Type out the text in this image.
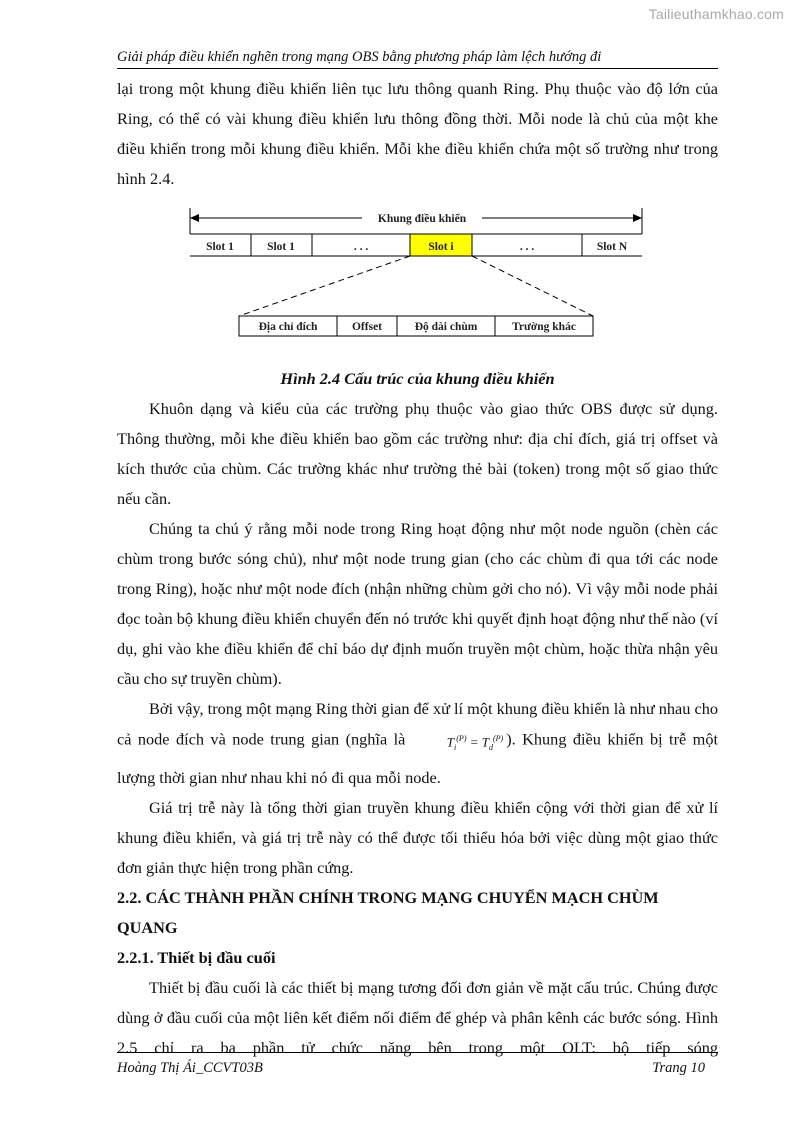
Tailieuthamkhao.com
Giải pháp điều khiển nghẽn trong mạng OBS bằng phương pháp làm lệch hướng đi

lại trong một khung điều khiển liên tục lưu thông quanh Ring. Phụ thuộc vào độ lớn của Ring, có thể có vài khung điều khiển lưu thông đồng thời. Mỗi node là chủ của một khe điều khiển trong mỗi khung điều khiển. Mỗi khe điều khiển chứa một số trường như trong hình 2.4.

Khung điều khiển
Slot 1	Slot 1	. . .	Slot i	. . .	Slot N
Địa chỉ đích	Offset	Độ dài chùm	Trường khác

Hình 2.4 Cấu trúc của khung điều khiển

Khuôn dạng và kiểu của các trường phụ thuộc vào giao thức OBS được sử dụng. Thông thường, mỗi khe điều khiển bao gồm các trường như: địa chỉ đích, giá trị offset và kích thước của chùm. Các trường khác như trường thẻ bài (token) trong một số giao thức nếu cần.

Chúng ta chú ý rằng mỗi node trong Ring hoạt động như một node nguồn (chèn các chùm trong bước sóng chủ), như một node trung gian (cho các chùm đi qua tới các node trong Ring), hoặc như một node đích (nhận những chùm gởi cho nó). Vì vậy mỗi node phải đọc toàn bộ khung điều khiển chuyển đến nó trước khi quyết định hoạt động như thế nào (ví dụ, ghi vào khe điều khiển để chỉ báo dự định muốn truyền một chùm, hoặc thừa nhận yêu cầu cho sự truyền chùm).

Bởi vậy, trong một mạng Ring thời gian để xử lí một khung điều khiển là như nhau cho cả node đích và node trung gian (nghĩa là	$T_i^{(P)} = T_d^{(P)}$ ). Khung điều khiển bị trễ một lượng thời gian như nhau khi nó đi qua mỗi node.

Giá trị trễ này là tổng thời gian truyền khung điều khiển cộng với thời gian để xử lí khung điều khiển, và giá trị trễ này có thể được tối thiểu hóa bởi việc dùng một giao thức đơn giản thực hiện trong phần cứng.

2.2. CÁC THÀNH PHẦN CHÍNH TRONG MẠNG CHUYỂN MẠCH CHÙM QUANG

2.2.1. Thiết bị đầu cuối

Thiết bị đầu cuối là các thiết bị mạng tương đối đơn giản về mặt cấu trúc. Chúng được dùng ở đầu cuối của một liên kết điểm nối điểm để ghép và phân kênh các bước sóng. Hình 2.5 chỉ ra ba phần tử chức năng bên trong một OLT: bộ tiếp sóng

Hoàng Thị Ái_CCVT03B	Trang 10
